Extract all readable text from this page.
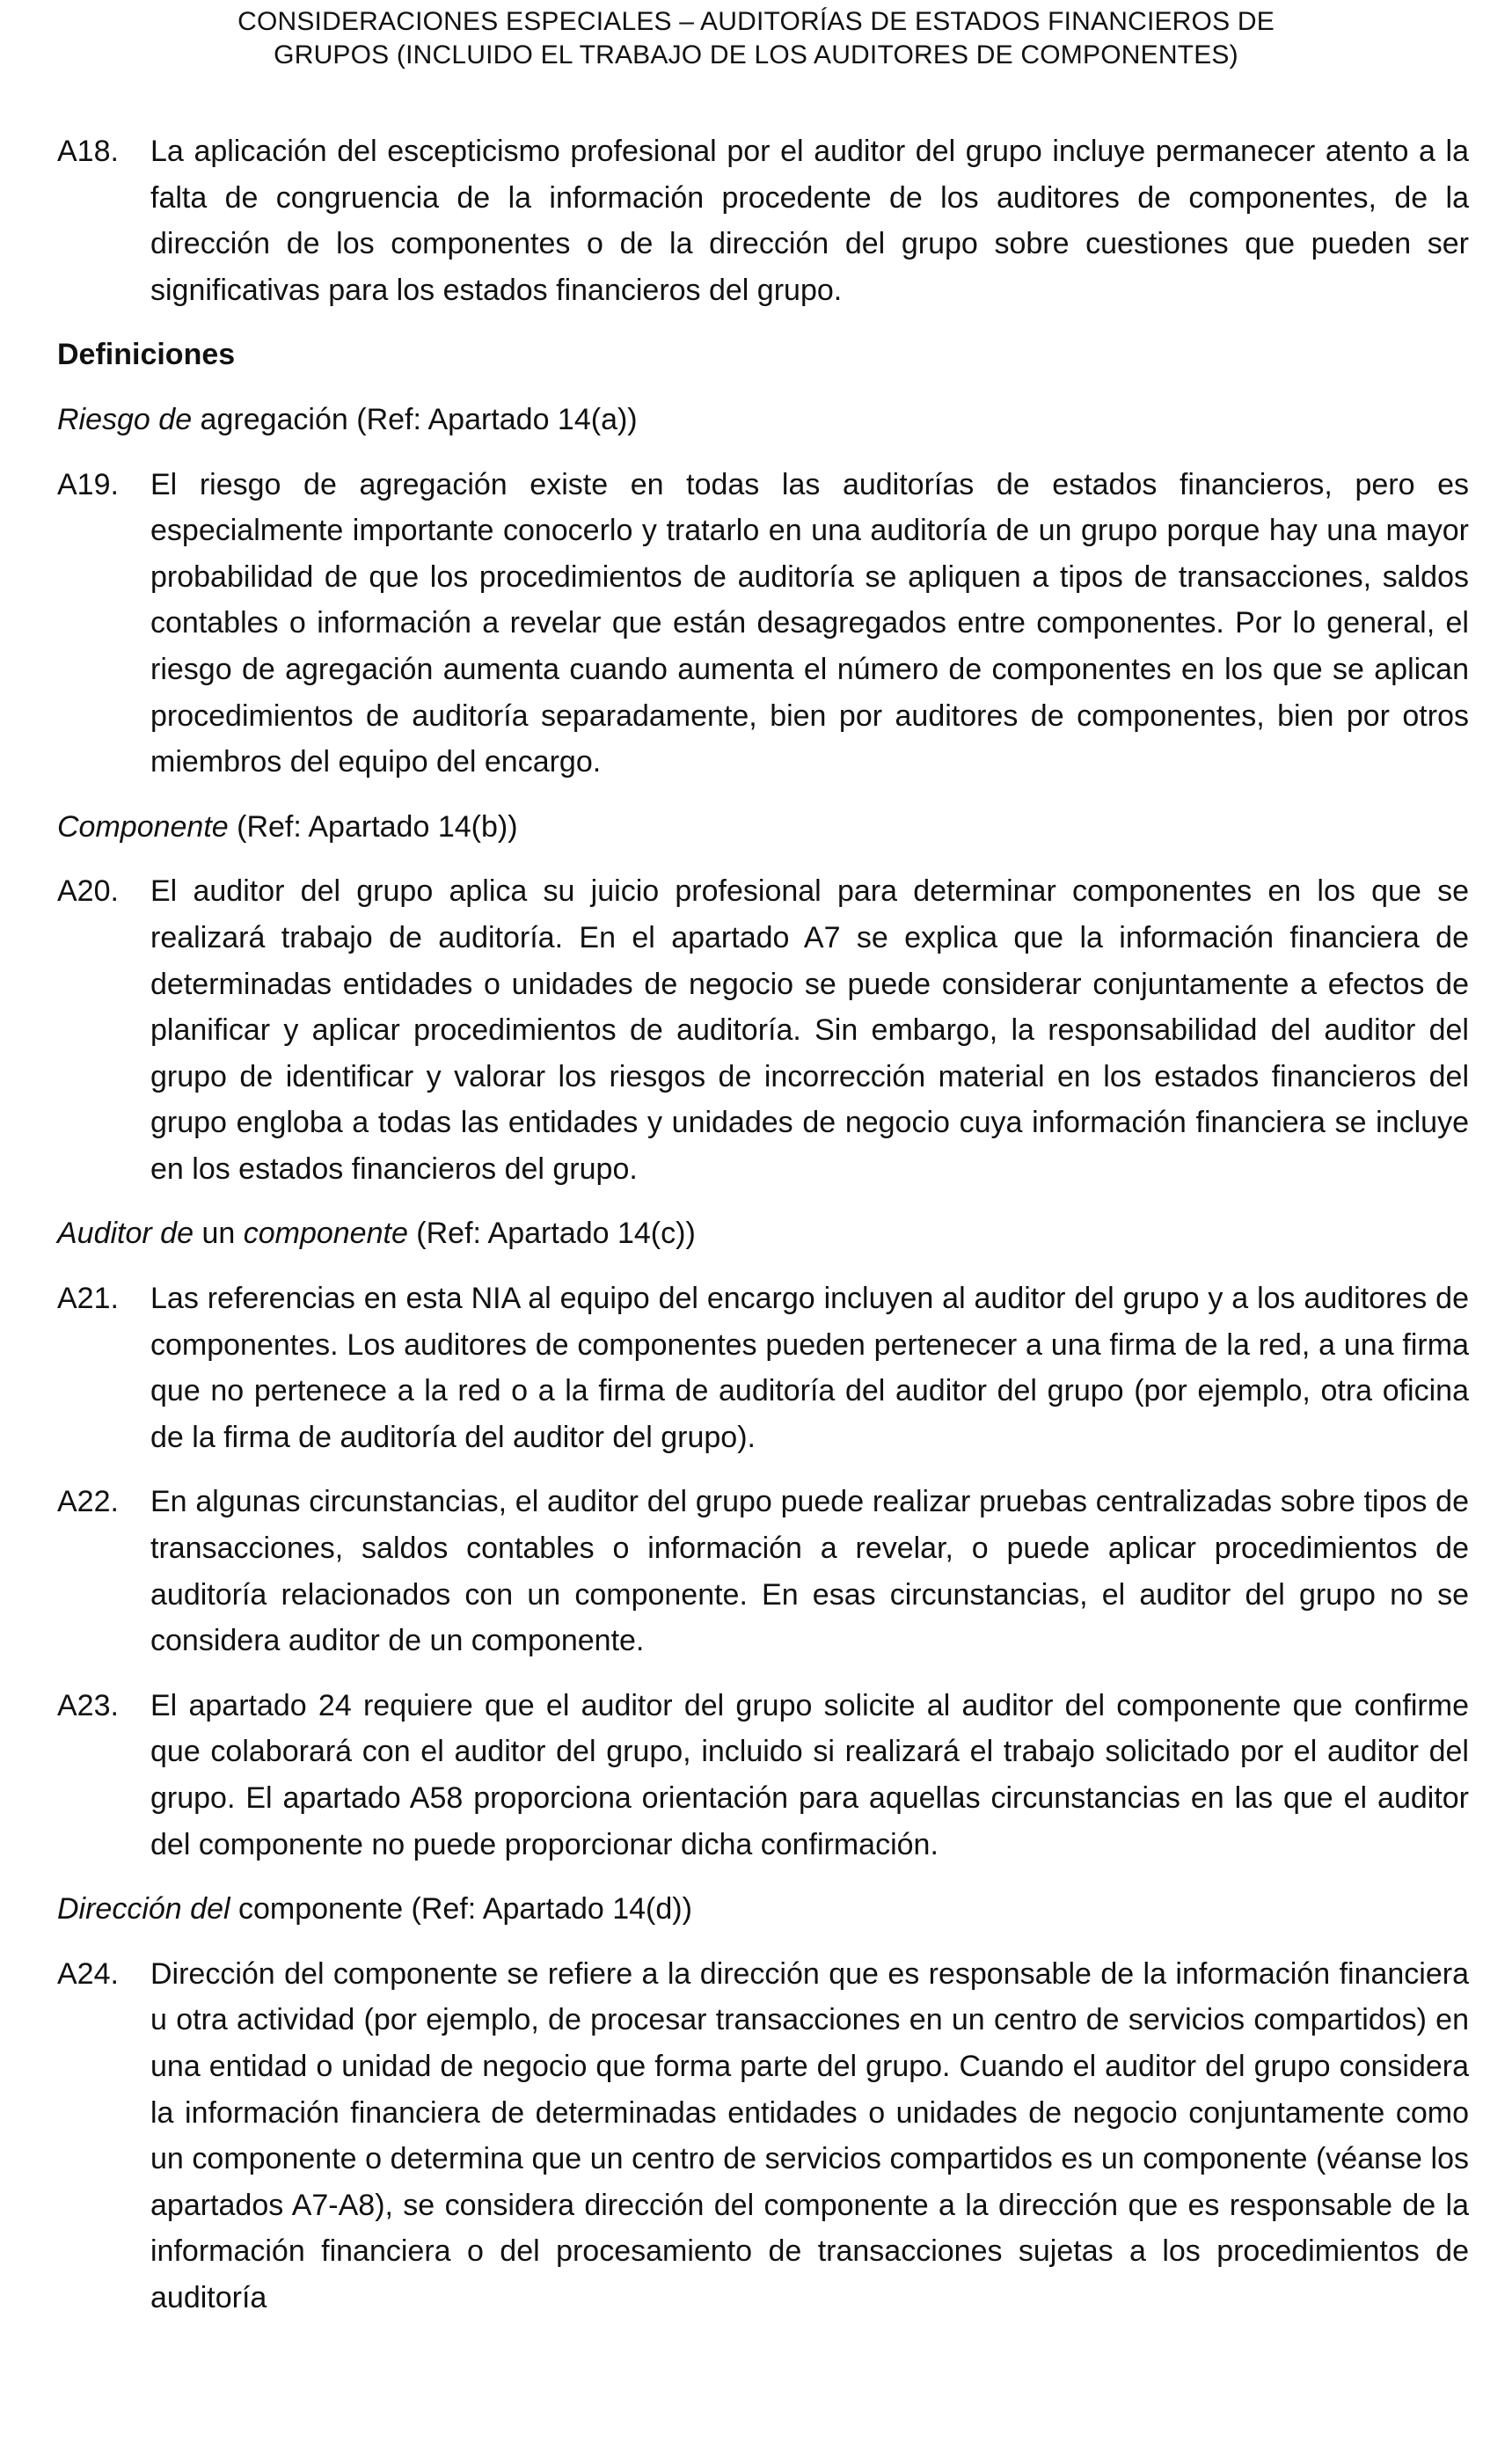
CONSIDERACIONES ESPECIALES – AUDITORÍAS DE ESTADOS FINANCIEROS DE
GRUPOS (INCLUIDO EL TRABAJO DE LOS AUDITORES DE COMPONENTES)
A18. La aplicación del escepticismo profesional por el auditor del grupo incluye permanecer atento a la falta de congruencia de la información procedente de los auditores de componentes, de la dirección de los componentes o de la dirección del grupo sobre cuestiones que pueden ser significativas para los estados financieros del grupo.
Definiciones
Riesgo de agregación (Ref: Apartado 14(a))
A19. El riesgo de agregación existe en todas las auditorías de estados financieros, pero es especialmente importante conocerlo y tratarlo en una auditoría de un grupo porque hay una mayor probabilidad de que los procedimientos de auditoría se apliquen a tipos de transacciones, saldos contables o información a revelar que están desagregados entre componentes. Por lo general, el riesgo de agregación aumenta cuando aumenta el número de componentes en los que se aplican procedimientos de auditoría separadamente, bien por auditores de componentes, bien por otros miembros del equipo del encargo.
Componente (Ref: Apartado 14(b))
A20. El auditor del grupo aplica su juicio profesional para determinar componentes en los que se realizará trabajo de auditoría. En el apartado A7 se explica que la información financiera de determinadas entidades o unidades de negocio se puede considerar conjuntamente a efectos de planificar y aplicar procedimientos de auditoría. Sin embargo, la responsabilidad del auditor del grupo de identificar y valorar los riesgos de incorrección material en los estados financieros del grupo engloba a todas las entidades y unidades de negocio cuya información financiera se incluye en los estados financieros del grupo.
Auditor de un componente (Ref: Apartado 14(c))
A21. Las referencias en esta NIA al equipo del encargo incluyen al auditor del grupo y a los auditores de componentes. Los auditores de componentes pueden pertenecer a una firma de la red, a una firma que no pertenece a la red o a la firma de auditoría del auditor del grupo (por ejemplo, otra oficina de la firma de auditoría del auditor del grupo).
A22. En algunas circunstancias, el auditor del grupo puede realizar pruebas centralizadas sobre tipos de transacciones, saldos contables o información a revelar, o puede aplicar procedimientos de auditoría relacionados con un componente. En esas circunstancias, el auditor del grupo no se considera auditor de un componente.
A23. El apartado 24 requiere que el auditor del grupo solicite al auditor del componente que confirme que colaborará con el auditor del grupo, incluido si realizará el trabajo solicitado por el auditor del grupo. El apartado A58 proporciona orientación para aquellas circunstancias en las que el auditor del componente no puede proporcionar dicha confirmación.
Dirección del componente (Ref: Apartado 14(d))
A24. Dirección del componente se refiere a la dirección que es responsable de la información financiera u otra actividad (por ejemplo, de procesar transacciones en un centro de servicios compartidos) en una entidad o unidad de negocio que forma parte del grupo. Cuando el auditor del grupo considera la información financiera de determinadas entidades o unidades de negocio conjuntamente como un componente o determina que un centro de servicios compartidos es un componente (véanse los apartados A7-A8), se considera dirección del componente a la dirección que es responsable de la información financiera o del procesamiento de transacciones sujetas a los procedimientos de auditoría
